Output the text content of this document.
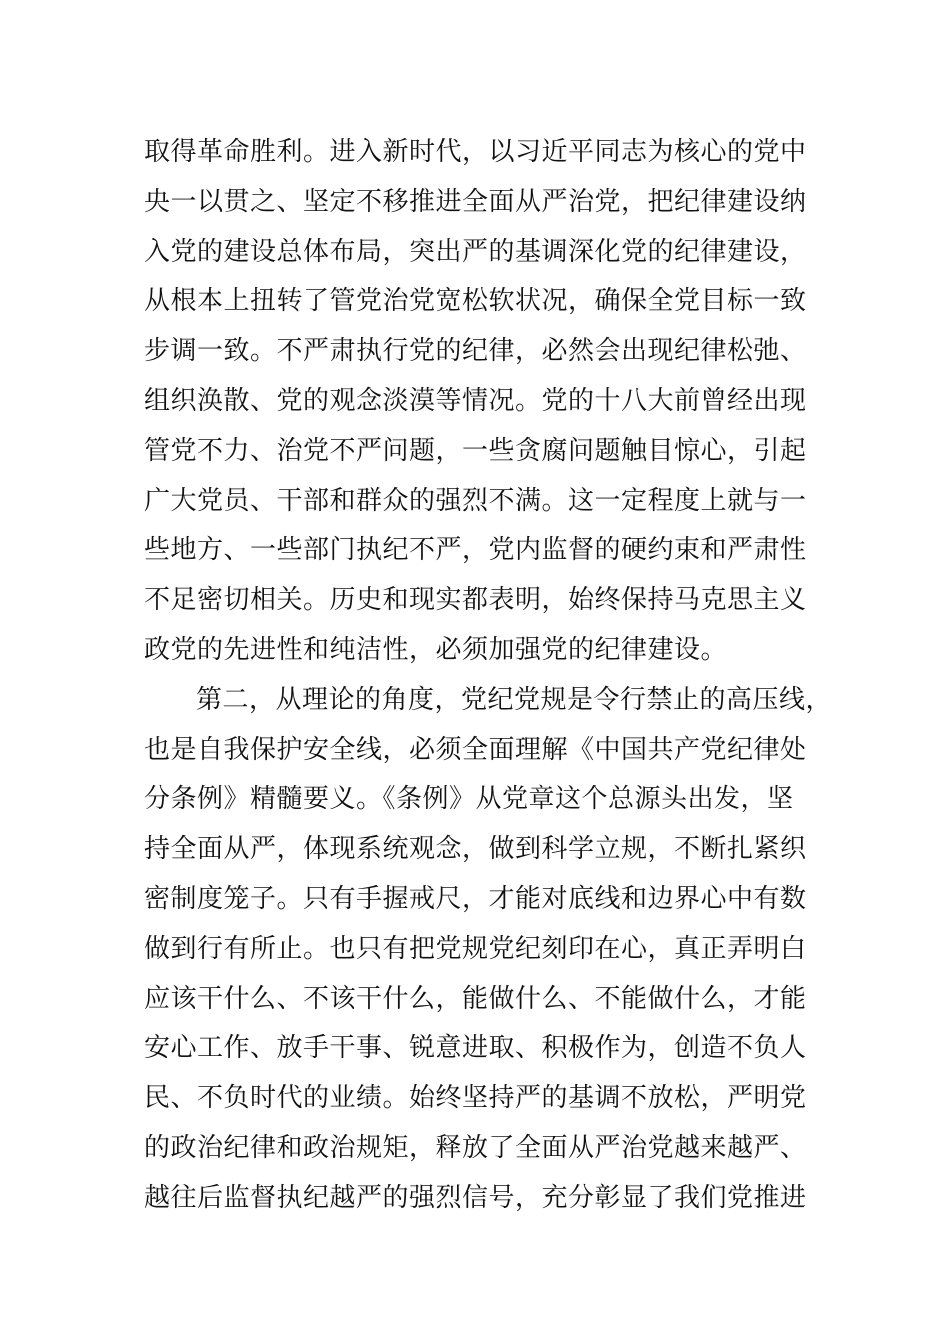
取得革命胜利。进入新时代，以习近平同志为核心的党中
央一以贯之、坚定不移推进全面从严治党，把纪律建设纳
入党的建设总体布局，突出严的基调深化党的纪律建设，
从根本上扭转了管党治党宽松软状况，确保全党目标一致
步调一致。不严肃执行党的纪律，必然会出现纪律松弛、
组织涣散、党的观念淡漠等情况。党的十八大前曾经出现
管党不力、治党不严问题，一些贪腐问题触目惊心，引起
广大党员、干部和群众的强烈不满。这一定程度上就与一
些地方、一些部门执纪不严，党内监督的硬约束和严肃性
不足密切相关。历史和现实都表明，始终保持马克思主义
政党的先进性和纯洁性，必须加强党的纪律建设。
第二，从理论的角度，党纪党规是令行禁止的高压线，
也是自我保护安全线，必须全面理解《中国共产党纪律处
分条例》精髓要义。《条例》从党章这个总源头出发，坚
持全面从严，体现系统观念，做到科学立规，不断扎紧织
密制度笼子。只有手握戒尺，才能对底线和边界心中有数
做到行有所止。也只有把党规党纪刻印在心，真正弄明白
应该干什么、不该干什么，能做什么、不能做什么，才能
安心工作、放手干事、锐意进取、积极作为，创造不负人
民、不负时代的业绩。始终坚持严的基调不放松，严明党
的政治纪律和政治规矩，释放了全面从严治党越来越严、
越往后监督执纪越严的强烈信号，充分彰显了我们党推进
